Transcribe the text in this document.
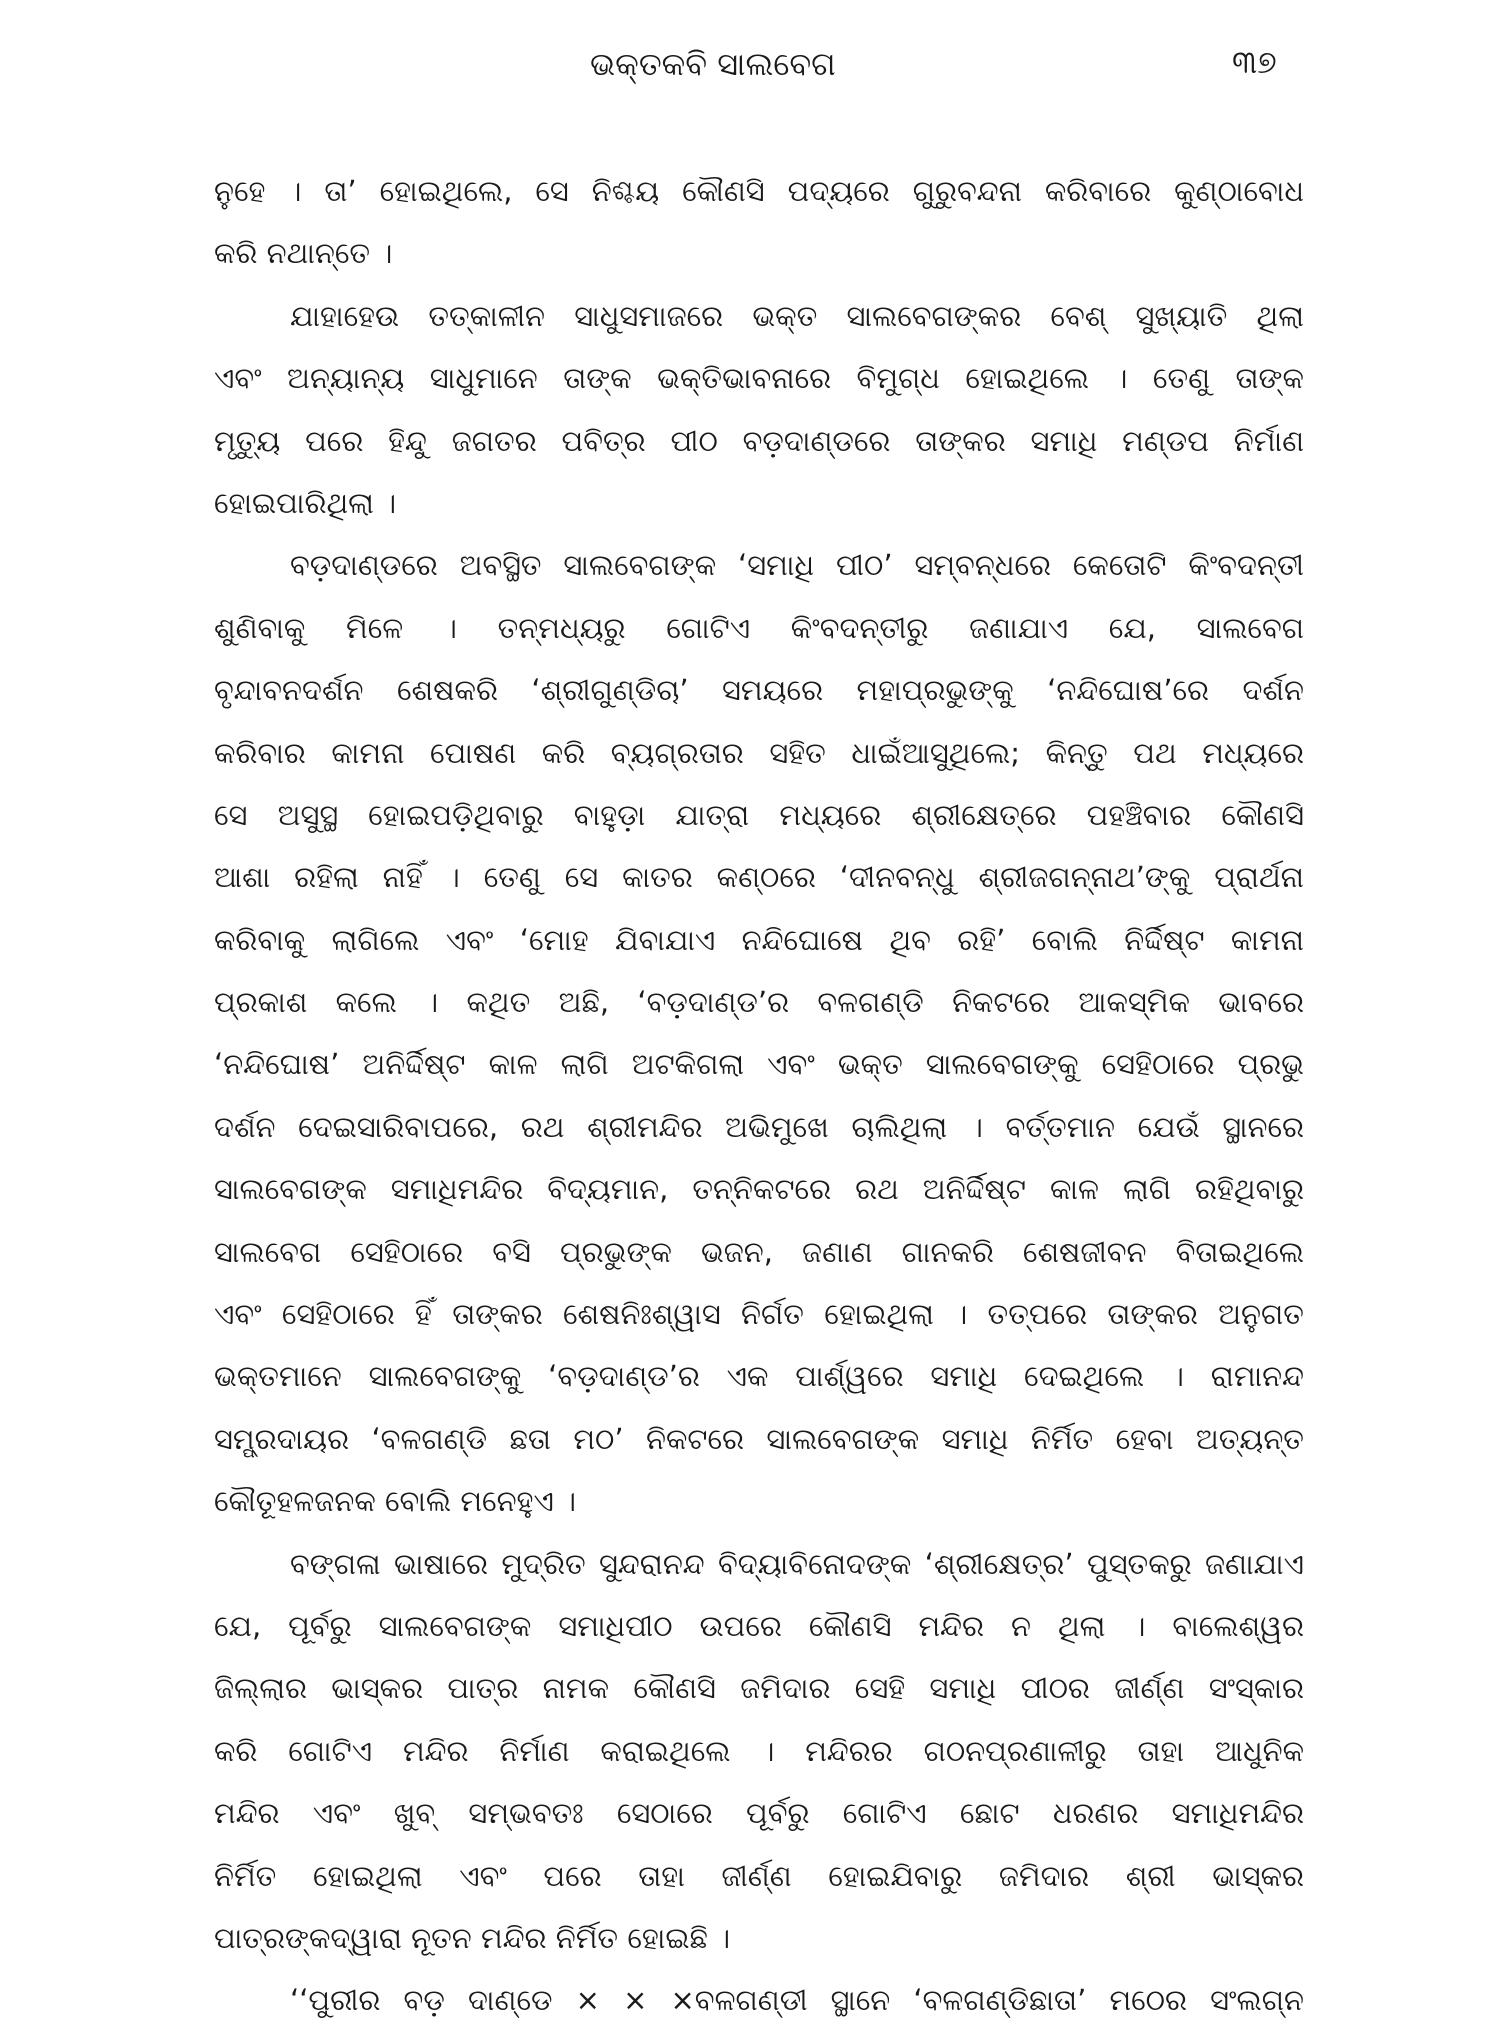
ଭକ୍ତକବି ସାଲବେଗ	୩୭
ନୁହେ । ତା’ ହୋଇଥିଲେ, ସେ ନିଶ୍ଚୟ କୌଣସି ପଦ୍ୟରେ ଗୁରୁବନ୍ଦନା କରିବାରେ କୁଣ୍ଠାବୋଧ
କରି ନଥାନ୍ତେ ।
ଯାହାହେଉ ତତ୍କାଳୀନ ସାଧୁସମାଜରେ ଭକ୍ତ ସାଲବେଗଙ୍କର ବେଶ୍ ସୁଖ୍ୟାତି ଥିଲା
ଏବଂ ଅନ୍ୟାନ୍ୟ ସାଧୁମାନେ ତାଙ୍କ ଭକ୍ତିଭାବନାରେ ବିମୁଗ୍ଧ ହୋଇଥିଲେ । ତେଣୁ ତାଙ୍କ
ମୃତ୍ୟୁ ପରେ ହିନ୍ଦୁ ଜଗତର ପବିତ୍ର ପୀଠ ବଡ଼ଦାଣ୍ଡରେ ତାଙ୍କର ସମାଧି ମଣ୍ଡପ ନିର୍ମାଣ
ହୋଇପାରିଥିଲା ।
ବଡ଼ଦାଣ୍ଡରେ ଅବସ୍ଥିତ ସାଲବେଗଙ୍କ ‘ସମାଧି ପୀଠ’ ସମ୍ବନ୍ଧରେ କେତୋଟି କିଂବଦନ୍ତୀ
ଶୁଣିବାକୁ ମିଳେ । ତନ୍ମଧ୍ୟରୁ ଗୋଟିଏ କିଂବଦନ୍ତୀରୁ ଜଣାଯାଏ ଯେ, ସାଲବେଗ
ବୃନ୍ଦାବନଦର୍ଶନ ଶେଷକରି ‘ଶ୍ରୀଗୁଣ୍ଡିଚା’ ସମୟରେ ମହାପ୍ରଭୁଙ୍କୁ ‘ନନ୍ଦିଘୋଷ’ରେ ଦର୍ଶନ
କରିବାର କାମନା ପୋଷଣ କରି ବ୍ୟଗ୍ରତାର ସହିତ ଧାଇଁଆସୁଥିଲେ; କିନ୍ତୁ ପଥ ମଧ୍ୟରେ
ସେ ଅସୁସ୍ଥ ହୋଇପଡ଼ିଥିବାରୁ ବାହୁଡ଼ା ଯାତ୍ରା ମଧ୍ୟରେ ଶ୍ରୀକ୍ଷେତ୍ରେ ପହଞ୍ଚିବାର କୌଣସି
ଆଶା ରହିଲା ନାହିଁ । ତେଣୁ ସେ କାତର କଣ୍ଠରେ ‘ଦୀନବନ୍ଧୁ ଶ୍ରୀଜଗନ୍ନାଥ’ଙ୍କୁ ପ୍ରାର୍ଥନା
କରିବାକୁ ଲାଗିଲେ ଏବଂ ‘ମୋହ ଯିବାଯାଏ ନନ୍ଦିଘୋଷେ ଥିବ ରହି’ ବୋଲି ନିର୍ଦ୍ଦିଷ୍ଟ କାମନା
ପ୍ରକାଶ କଲେ । କଥିତ ଅଛି, ‘ବଡ଼ଦାଣ୍ଡ’ର ବଳଗଣ୍ଡି ନିକଟରେ ଆକସ୍ମିକ ଭାବରେ
‘ନନ୍ଦିଘୋଷ’ ଅନିର୍ଦ୍ଦିଷ୍ଟ କାଳ ଲାଗି ଅଟକିଗଲା ଏବଂ ଭକ୍ତ ସାଲବେଗଙ୍କୁ ସେହିଠାରେ ପ୍ରଭୁ
ଦର୍ଶନ ଦେଇସାରିବାପରେ, ରଥ ଶ୍ରୀମନ୍ଦିର ଅଭିମୁଖେ ଚାଲିଥିଲା । ବର୍ତ୍ତମାନ ଯେଉଁ ସ୍ଥାନରେ
ସାଲବେଗଙ୍କ ସମାଧିମନ୍ଦିର ବିଦ୍ୟମାନ, ତନ୍ନିକଟରେ ରଥ ଅନିର୍ଦ୍ଦିଷ୍ଟ କାଳ ଲାଗି ରହିଥିବାରୁ
ସାଲବେଗ ସେହିଠାରେ ବସି ପ୍ରଭୁଙ୍କ ଭଜନ, ଜଣାଣ ଗାନକରି ଶେଷଜୀବନ ବିତାଇଥିଲେ
ଏବଂ ସେହିଠାରେ ହିଁ ତାଙ୍କର ଶେଷନିଃଶ୍ୱାସ ନିର୍ଗତ ହୋଇଥିଲା । ତତ୍ପରେ ତାଙ୍କର ଅନୁଗତ
ଭକ୍ତମାନେ ସାଲବେଗଙ୍କୁ ‘ବଡ଼ଦାଣ୍ଡ’ର ଏକ ପାର୍ଶ୍ୱରେ ସମାଧି ଦେଇଥିଲେ । ରାମାନନ୍ଦ
ସମ୍ପ୍ରଦାୟର ‘ବଳଗଣ୍ଡି ଛତା ମଠ’ ନିକଟରେ ସାଲବେଗଙ୍କ ସମାଧି ନିର୍ମିତ ହେବା ଅତ୍ୟନ୍ତ
କୌତୂହଳଜନକ ବୋଲି ମନେହୁଏ ।
ବଙ୍ଗଳା ଭାଷାରେ ମୁଦ୍ରିତ ସୁନ୍ଦରାନନ୍ଦ ବିଦ୍ୟାବିନୋଦଙ୍କ ‘ଶ୍ରୀକ୍ଷେତ୍ର’ ପୁସ୍ତକରୁ ଜଣାଯାଏ
ଯେ, ପୂର୍ବରୁ ସାଲବେଗଙ୍କ ସମାଧିପୀଠ ଉପରେ କୌଣସି ମନ୍ଦିର ନ ଥିଲା । ବାଲେଶ୍ୱର
ଜିଲ୍ଲାର ଭାସ୍କର ପାତ୍ର ନାମକ କୌଣସି ଜମିଦାର ସେହି ସମାଧି ପୀଠର ଜୀର୍ଣ୍ଣ ସଂସ୍କାର
କରି ଗୋଟିଏ ମନ୍ଦିର ନିର୍ମାଣ କରାଇଥିଲେ । ମନ୍ଦିରର ଗଠନପ୍ରଣାଳୀରୁ ତାହା ଆଧୁନିକ
ମନ୍ଦିର ଏବଂ ଖୁବ୍ ସମ୍ଭବତଃ ସେଠାରେ ପୂର୍ବରୁ ଗୋଟିଏ ଛୋଟ ଧରଣର ସମାଧିମନ୍ଦିର
ନିର୍ମିତ ହୋଇଥିଲା ଏବଂ ପରେ ତାହା ଜୀର୍ଣ୍ଣ ହୋଇଯିବାରୁ ଜମିଦାର ଶ୍ରୀ ଭାସ୍କର
ପାତ୍ରଙ୍କଦ୍ୱାରା ନୂତନ ମନ୍ଦିର ନିର୍ମିତ ହୋଇଛି ।
‘‘ପୁରୀର ବଡ଼ ଦାଣ୍ଡେ × × ×ବଳଗଣ୍ଡୀ ସ୍ଥାନେ ‘ବଳଗଣ୍ଡିଛାତା’ ମଠେର ସଂଲଗ୍ନ
